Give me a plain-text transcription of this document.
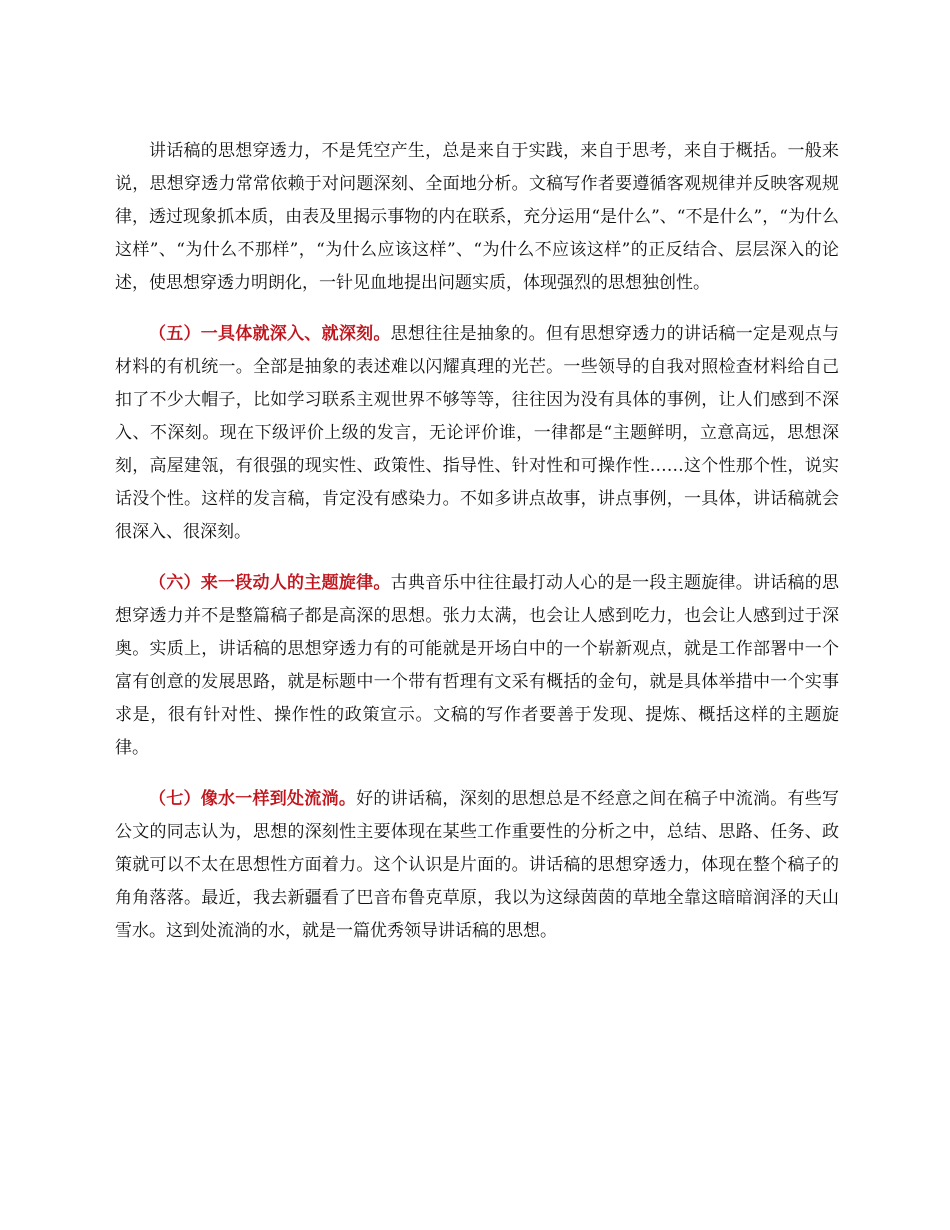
讲话稿的思想穿透力，不是凭空产生，总是来自于实践，来自于思考，来自于概括。一般来说，思想穿透力常常依赖于对问题深刻、全面地分析。文稿写作者要遵循客观规律并反映客观规律，透过现象抓本质，由表及里揭示事物的内在联系，充分运用“是什么”、“不是什么”，“为什么这样”、“为什么不那样”，“为什么应该这样”、“为什么不应该这样”的正反结合、层层深入的论述，使思想穿透力明朗化，一针见血地提出问题实质，体现强烈的思想独创性。

（五）一具体就深入、就深刻。思想往往是抽象的。但有思想穿透力的讲话稿一定是观点与材料的有机统一。全部是抽象的表述难以闪耀真理的光芒。一些领导的自我对照检查材料给自己扣了不少大帽子，比如学习联系主观世界不够等等，往往因为没有具体的事例，让人们感到不深入、不深刻。现在下级评价上级的发言，无论评价谁，一律都是“主题鲜明，立意高远，思想深刻，高屋建瓴，有很强的现实性、政策性、指导性、针对性和可操作性……这个性那个性，说实话没个性。这样的发言稿，肯定没有感染力。不如多讲点故事，讲点事例，一具体，讲话稿就会很深入、很深刻。

（六）来一段动人的主题旋律。古典音乐中往往最打动人心的是一段主题旋律。讲话稿的思想穿透力并不是整篇稿子都是高深的思想。张力太满，也会让人感到吃力，也会让人感到过于深奥。实质上，讲话稿的思想穿透力有的可能就是开场白中的一个崭新观点，就是工作部署中一个富有创意的发展思路，就是标题中一个带有哲理有文采有概括的金句，就是具体举措中一个实事求是，很有针对性、操作性的政策宣示。文稿的写作者要善于发现、提炼、概括这样的主题旋律。

（七）像水一样到处流淌。好的讲话稿，深刻的思想总是不经意之间在稿子中流淌。有些写公文的同志认为，思想的深刻性主要体现在某些工作重要性的分析之中，总结、思路、任务、政策就可以不太在思想性方面着力。这个认识是片面的。讲话稿的思想穿透力，体现在整个稿子的角角落落。最近，我去新疆看了巴音布鲁克草原，我以为这绿茵茵的草地全靠这暗暗润泽的天山雪水。这到处流淌的水，就是一篇优秀领导讲话稿的思想。
